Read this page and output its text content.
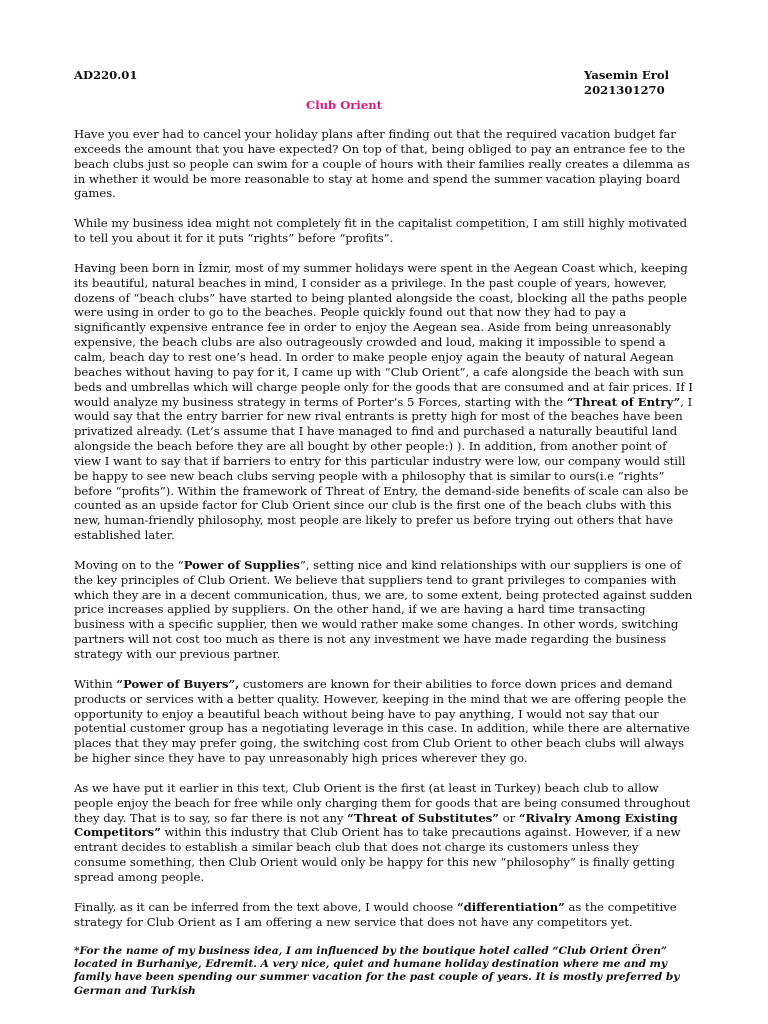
AD220.01	Yasemin Erol
2021301270
Club Orient

Have you ever had to cancel your holiday plans after finding out that the required vacation budget far exceeds the amount that you have expected? On top of that, being obliged to pay an entrance fee to the beach clubs just so people can swim for a couple of hours with their families really creates a dilemma as in whether it would be more reasonable to stay at home and spend the summer vacation playing board games.

While my business idea might not completely fit in the capitalist competition, I am still highly motivated to tell you about it for it puts “rights” before “profits”.

Having been born in İzmir, most of my summer holidays were spent in the Aegean Coast which, keeping its beautiful, natural beaches in mind, I consider as a privilege. In the past couple of years, however, dozens of “beach clubs” have started to being planted alongside the coast, blocking all the paths people were using in order to go to the beaches. People quickly found out that now they had to pay a significantly expensive entrance fee in order to enjoy the Aegean sea. Aside from being unreasonably expensive, the beach clubs are also outrageously crowded and loud, making it impossible to spend a calm, beach day to rest one’s head. In order to make people enjoy again the beauty of natural Aegean beaches without having to pay for it, I came up with “Club Orient”, a cafe alongside the beach with sun beds and umbrellas which will charge people only for the goods that are consumed and at fair prices. If I would analyze my business strategy in terms of Porter’s 5 Forces, starting with the “Threat of Entry”, I would say that the entry barrier for new rival entrants is pretty high for most of the beaches have been privatized already. (Let’s assume that I have managed to find and purchased a naturally beautiful land alongside the beach before they are all bought by other people:) ). In addition, from another point of view I want to say that if barriers to entry for this particular industry were low, our company would still be happy to see new beach clubs serving people with a philosophy that is similar to ours(i.e “rights” before “profits”). Within the framework of Threat of Entry, the demand-side benefits of scale can also be counted as an upside factor for Club Orient since our club is the first one of the beach clubs with this new, human-friendly philosophy, most people are likely to prefer us before trying out others that have established later.

Moving on to the “Power of Supplies”, setting nice and kind relationships with our suppliers is one of the key principles of Club Orient. We believe that suppliers tend to grant privileges to companies with which they are in a decent communication, thus, we are, to some extent, being protected against sudden price increases applied by suppliers. On the other hand, if we are having a hard time transacting business with a specific supplier, then we would rather make some changes. In other words, switching partners will not cost too much as there is not any investment we have made regarding the business strategy with our previous partner.

Within “Power of Buyers”, customers are known for their abilities to force down prices and demand products or services with a better quality. However, keeping in the mind that we are offering people the opportunity to enjoy a beautiful beach without being have to pay anything, I would not say that our potential customer group has a negotiating leverage in this case. In addition, while there are alternative places that they may prefer going, the switching cost from Club Orient to other beach clubs will always be higher since they have to pay unreasonably high prices wherever they go.

As we have put it earlier in this text, Club Orient is the first (at least in Turkey) beach club to allow people enjoy the beach for free while only charging them for goods that are being consumed throughout they day. That is to say, so far there is not any “Threat of Substitutes” or “Rivalry Among Existing Competitors” within this industry that Club Orient has to take precautions against. However, if a new entrant decides to establish a similar beach club that does not charge its customers unless they consume something, then Club Orient would only be happy for this new “philosophy” is finally getting spread among people.

Finally, as it can be inferred from the text above, I would choose “differentiation” as the competitive strategy for Club Orient as I am offering a new service that does not have any competitors yet.

*For the name of my business idea, I am influenced by the boutique hotel called “Club Orient Ören” located in Burhaniye, Edremit. A very nice, quiet and humane holiday destination where me and my family have been spending our summer vacation for the past couple of years. It is mostly preferred by German and Turkish
